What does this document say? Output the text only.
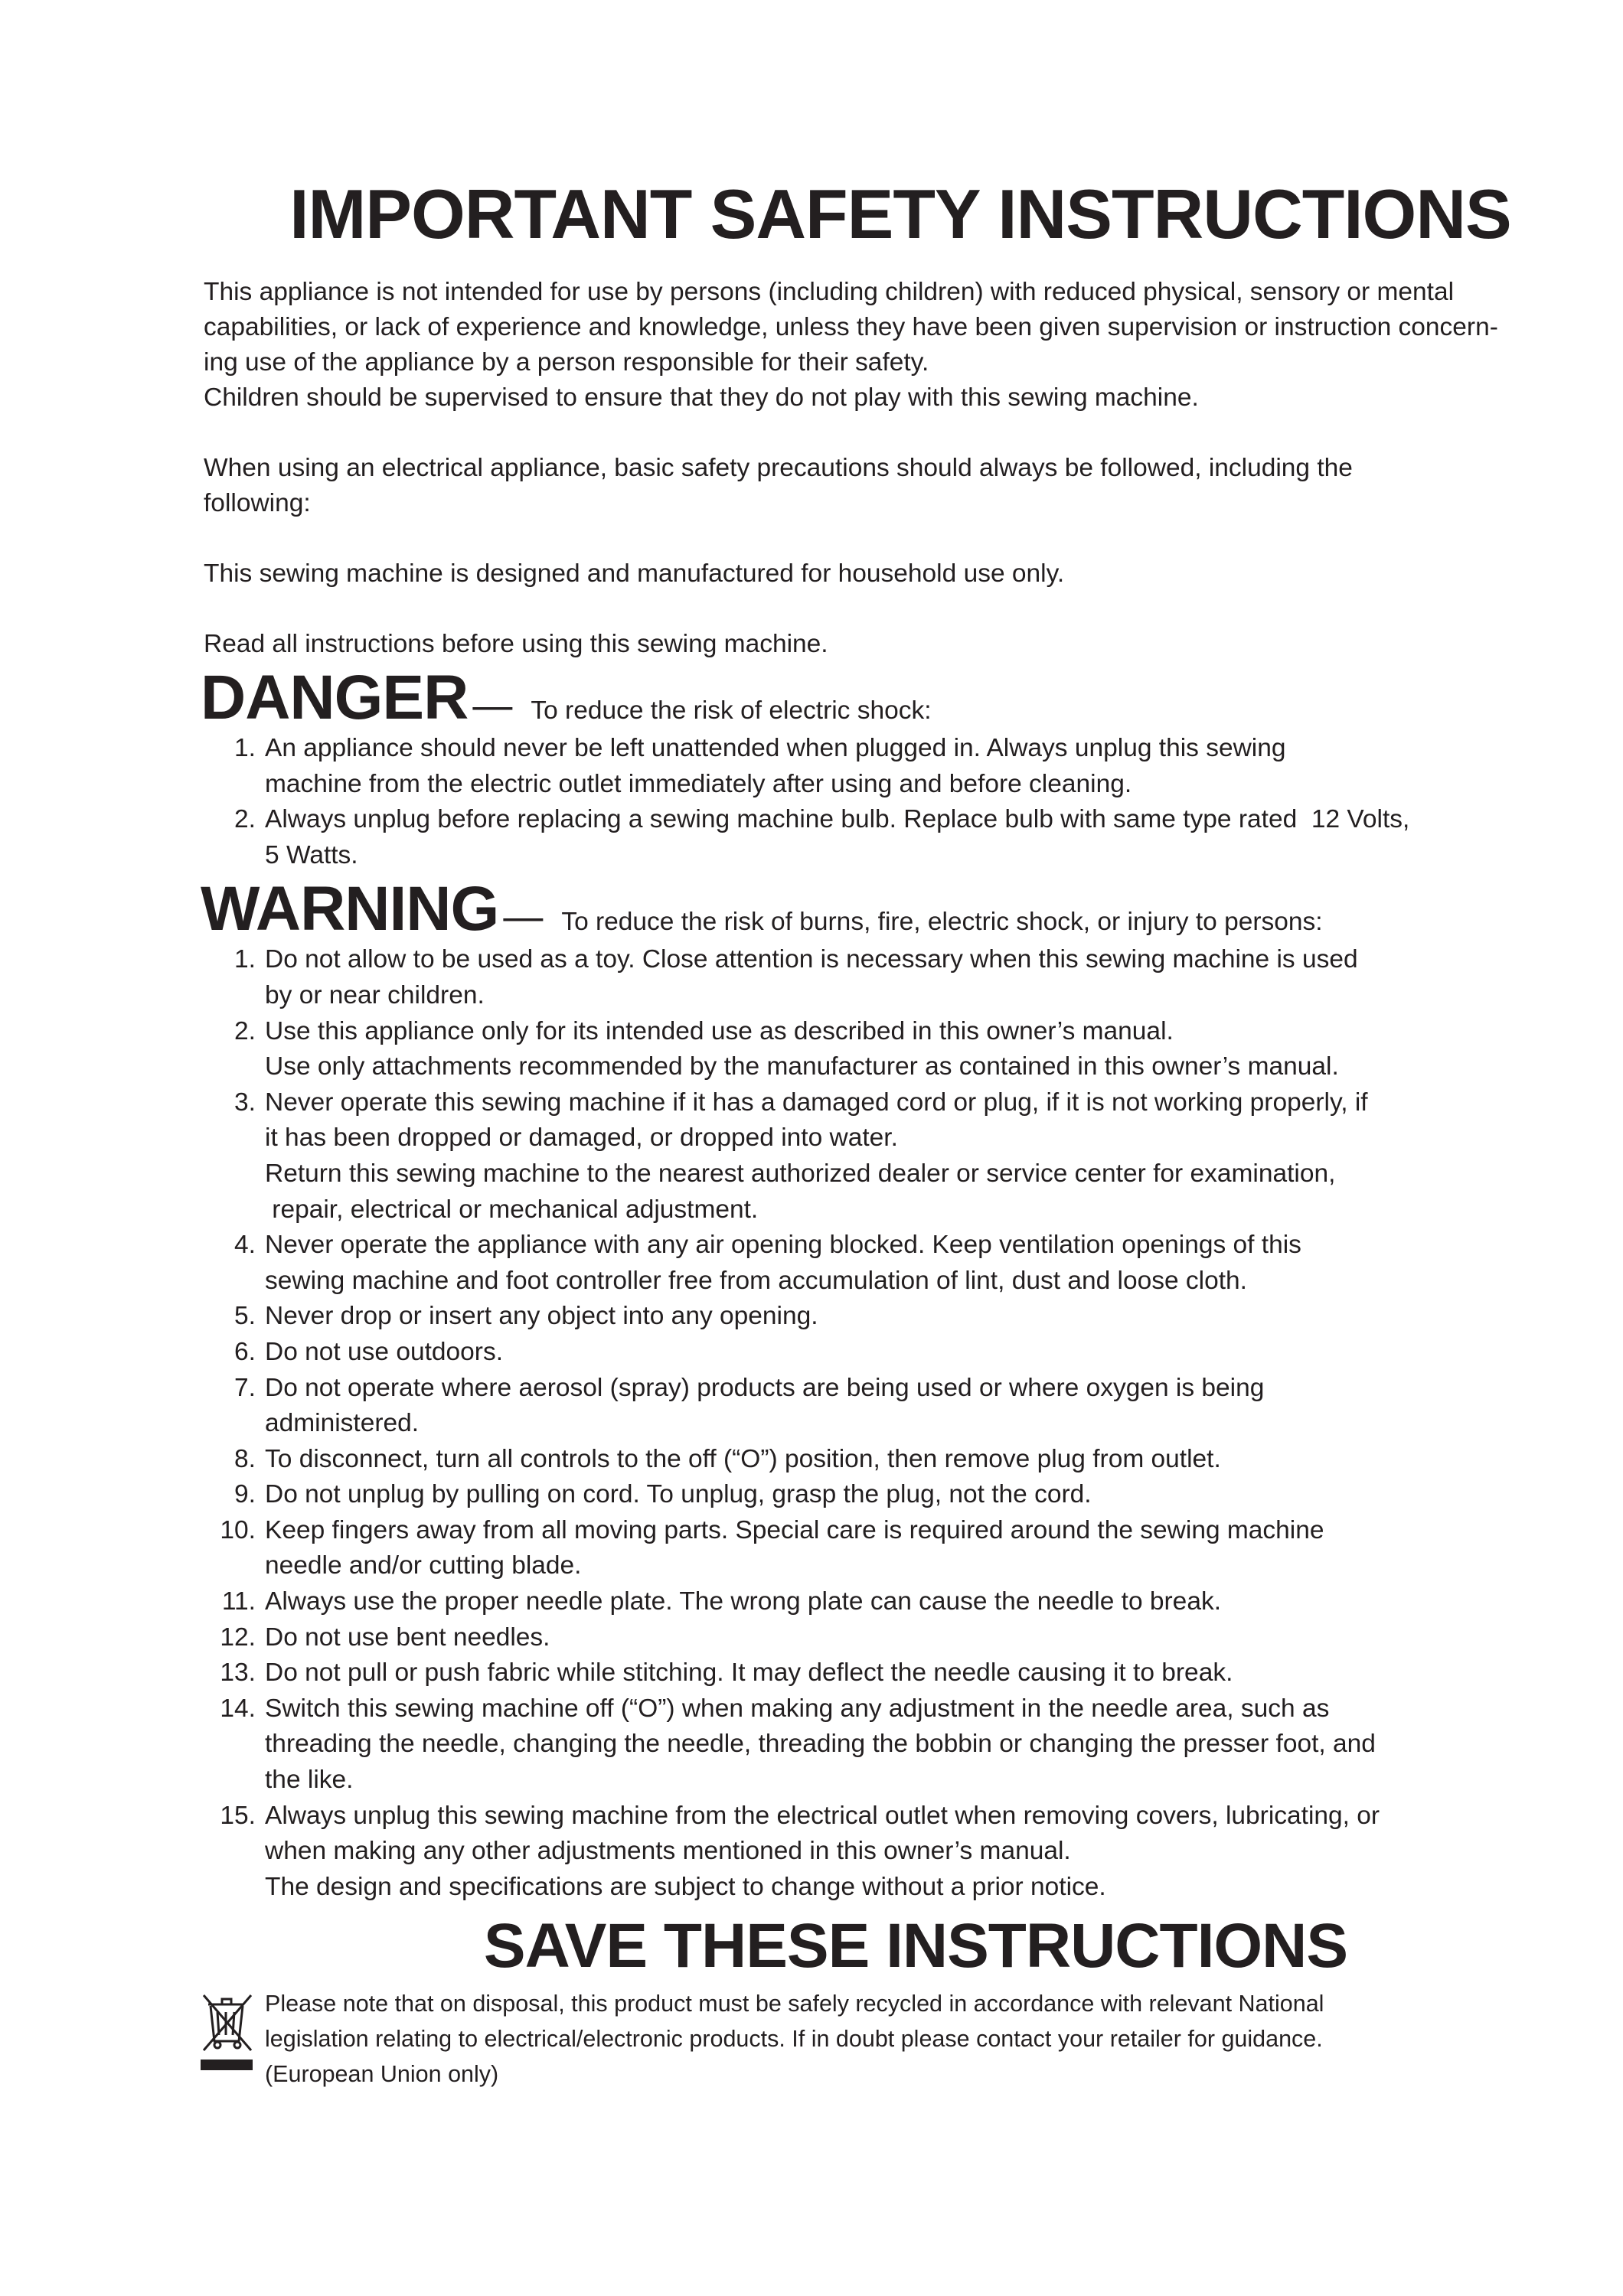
IMPORTANT SAFETY INSTRUCTIONS

This appliance is not intended for use by persons (including children) with reduced physical, sensory or mental

capabilities, or lack of experience and knowledge, unless they have been given supervision or instruction concern-

ing use of the appliance by a person responsible for their safety.

Children should be supervised to ensure that they do not play with this sewing machine.

When using an electrical appliance, basic safety precautions should always be followed, including the

following:

This sewing machine is designed and manufactured for household use only.

Read all instructions before using this sewing machine.

DANGER — To reduce the risk of electric shock:
1. An appliance should never be left unattended when plugged in. Always unplug this sewing
machine from the electric outlet immediately after using and before cleaning.
2. Always unplug before replacing a sewing machine bulb. Replace bulb with same type rated  12 Volts,
5 Watts.
WARNING — To reduce the risk of burns, fire, electric shock, or injury to persons:
1. Do not allow to be used as a toy. Close attention is necessary when this sewing machine is used
by or near children.
2. Use this appliance only for its intended use as described in this owner’s manual.
Use only attachments recommended by the manufacturer as contained in this owner’s manual.
3. Never operate this sewing machine if it has a damaged cord or plug, if it is not working properly, if
it has been dropped or damaged, or dropped into water.
Return this sewing machine to the nearest authorized dealer or service center for examination,
repair, electrical or mechanical adjustment.
4. Never operate the appliance with any air opening blocked. Keep ventilation openings of this
sewing machine and foot controller free from accumulation of lint, dust and loose cloth.
5. Never drop or insert any object into any opening.
6. Do not use outdoors.
7. Do not operate where aerosol (spray) products are being used or where oxygen is being
administered.
8. To disconnect, turn all controls to the off (“O”) position, then remove plug from outlet.
9. Do not unplug by pulling on cord. To unplug, grasp the plug, not the cord.
10. Keep fingers away from all moving parts. Special care is required around the sewing machine
needle and/or cutting blade.
11. Always use the proper needle plate. The wrong plate can cause the needle to break.
12. Do not use bent needles.
13. Do not pull or push fabric while stitching. It may deflect the needle causing it to break.
14. Switch this sewing machine off (“O”) when making any adjustment in the needle area, such as
threading the needle, changing the needle, threading the bobbin or changing the presser foot, and
the like.
15. Always unplug this sewing machine from the electrical outlet when removing covers, lubricating, or
when making any other adjustments mentioned in this owner’s manual.
The design and specifications are subject to change without a prior notice.
SAVE THESE INSTRUCTIONS
Please note that on disposal, this product must be safely recycled in accordance with relevant National
legislation relating to electrical/electronic products. If in doubt please contact your retailer for guidance.
(European Union only)
